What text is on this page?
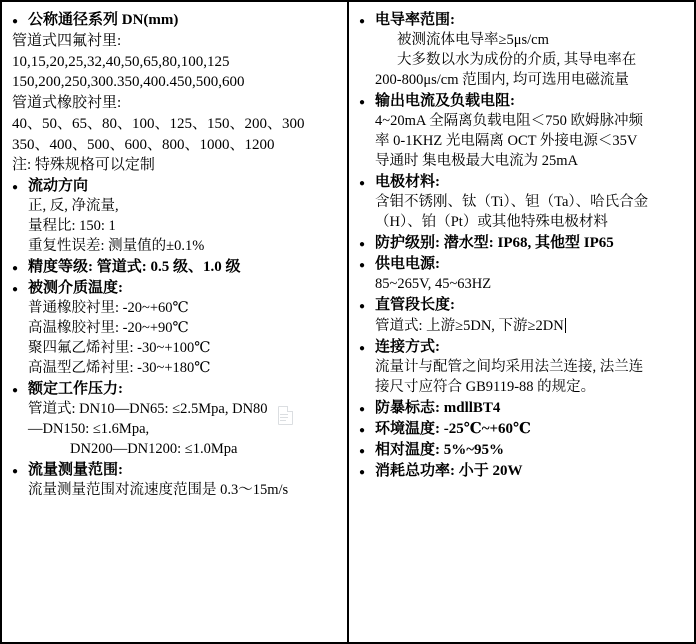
●
公称通径系列 DN(mm)
管道式四氟衬里:
10,15,20,25,32,40,50,65,80,100,125
150,200,250,300.350,400.450,500,600
管道式橡胶衬里:
40、50、65、80、100、125、150、200、300
350、400、500、600、800、1000、1200
注: 特殊规格可以定制
●
流动方向
正, 反, 净流量,
量程比: 150: 1
重复性误差: 测量值的±0.1%
●
精度等级: 管道式: 0.5 级、1.0 级
●
被测介质温度:
普通橡胶衬里: -20~+60℃
高温橡胶衬里: -20~+90℃
聚四氟乙烯衬里: -30~+100℃
高温型乙烯衬里: -30~+180℃
●
额定工作压力:
管道式: DN10—DN65: ≤2.5Mpa, DN80
—DN150: ≤1.6Mpa,
DN200—DN1200: ≤1.0Mpa
●
流量测量范围:
流量测量范围对流速度范围是 0.3～15m/s
●
电导率范围:
被测流体电导率≥5μs/cm
大多数以水为成份的介质, 其导电率在
200-800μs/cm 范围内, 均可选用电磁流量
●
输出电流及负载电阻:
4~20mA 全隔离负载电阻＜750 欧姆脉冲频
率 0-1KHZ 光电隔离 OCT 外接电源＜35V
导通时 集电极最大电流为 25mA
●
电极材料:
含钼不锈刚、钛（Ti）、钽（Ta）、哈氏合金
（H）、铂（Pt）或其他特殊电极材料
●
防护级别: 潜水型: IP68, 其他型 IP65
●
供电电源:
85~265V, 45~63HZ
●
直管段长度:
管道式: 上游≥5DN, 下游≥2DN
●
连接方式:
流量计与配管之间均采用法兰连接, 法兰连
接尺寸应符合 GB9119-88 的规定。
●
防暴标志: mdllBT4
●
环境温度: -25℃~+60℃
●
相对温度: 5%~95%
●
消耗总功率: 小于 20W
